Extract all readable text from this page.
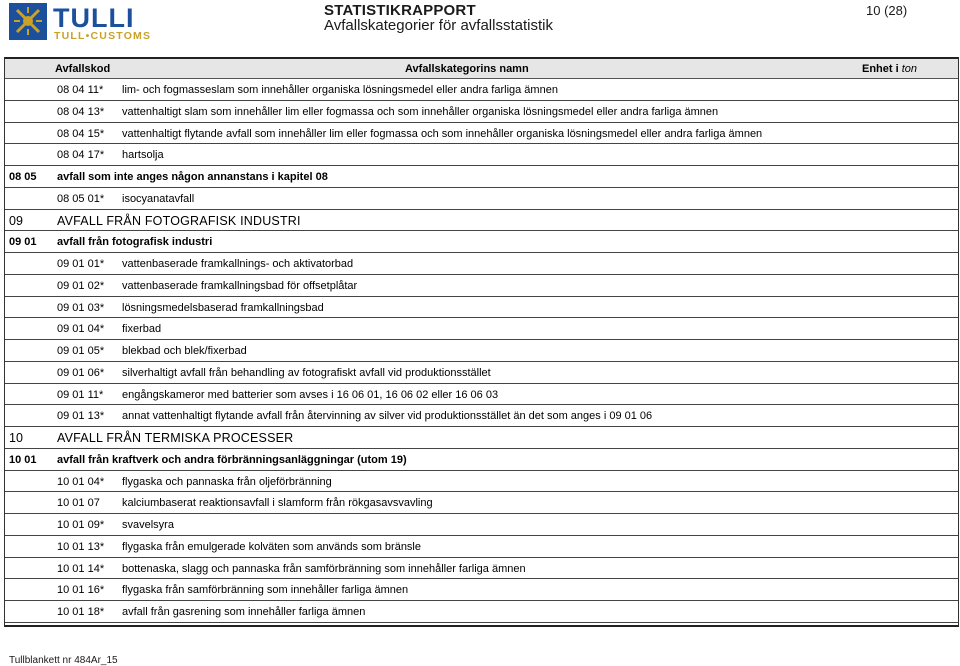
TULLI
TULL•CUSTOMS
STATISTIKRAPPORT
Avfallskategorier för avfallsstatistik
10 (28)
Avfallskod	Avfallskategorins namn	Enhet i ton
08 04 11* lim- och fogmasseslam som innehåller organiska lösningsmedel eller andra farliga ämnen
08 04 13* vattenhaltigt slam som innehåller lim eller fogmassa och som innehåller organiska lösningsmedel eller andra farliga ämnen
08 04 15* vattenhaltigt flytande avfall som innehåller lim eller fogmassa och som innehåller organiska lösningsmedel eller andra farliga ämnen
08 04 17* hartsolja
08 05 avfall som inte anges någon annanstans i kapitel 08
08 05 01* isocyanatavfall
09	AVFALL FRÅN FOTOGRAFISK INDUSTRI
09 01 avfall från fotografisk industri
09 01 01* vattenbaserade framkallnings- och aktivatorbad
09 01 02* vattenbaserade framkallningsbad för offsetplåtar
09 01 03* lösningsmedelsbaserad framkallningsbad
09 01 04* fixerbad
09 01 05* blekbad och blek/fixerbad
09 01 06* silverhaltigt avfall från behandling av fotografiskt avfall vid produktionsstället
09 01 11* engångskameror med batterier som avses i 16 06 01, 16 06 02 eller 16 06 03
09 01 13* annat vattenhaltigt flytande avfall från återvinning av silver vid produktionsstället än det som anges i 09 01 06
10	AVFALL FRÅN TERMISKA PROCESSER
10 01 avfall från kraftverk och andra förbränningsanläggningar (utom 19)
10 01 04* flygaska och pannaska från oljeförbränning
10 01 07 kalciumbaserat reaktionsavfall i slamform från rökgasavsvavling
10 01 09* svavelsyra
10 01 13* flygaska från emulgerade kolväten som används som bränsle
10 01 14* bottenaska, slagg och pannaska från samförbränning som innehåller farliga ämnen
10 01 16* flygaska från samförbränning som innehåller farliga ämnen
10 01 18* avfall från gasrening som innehåller farliga ämnen
Tullblankett nr 484Ar_15
